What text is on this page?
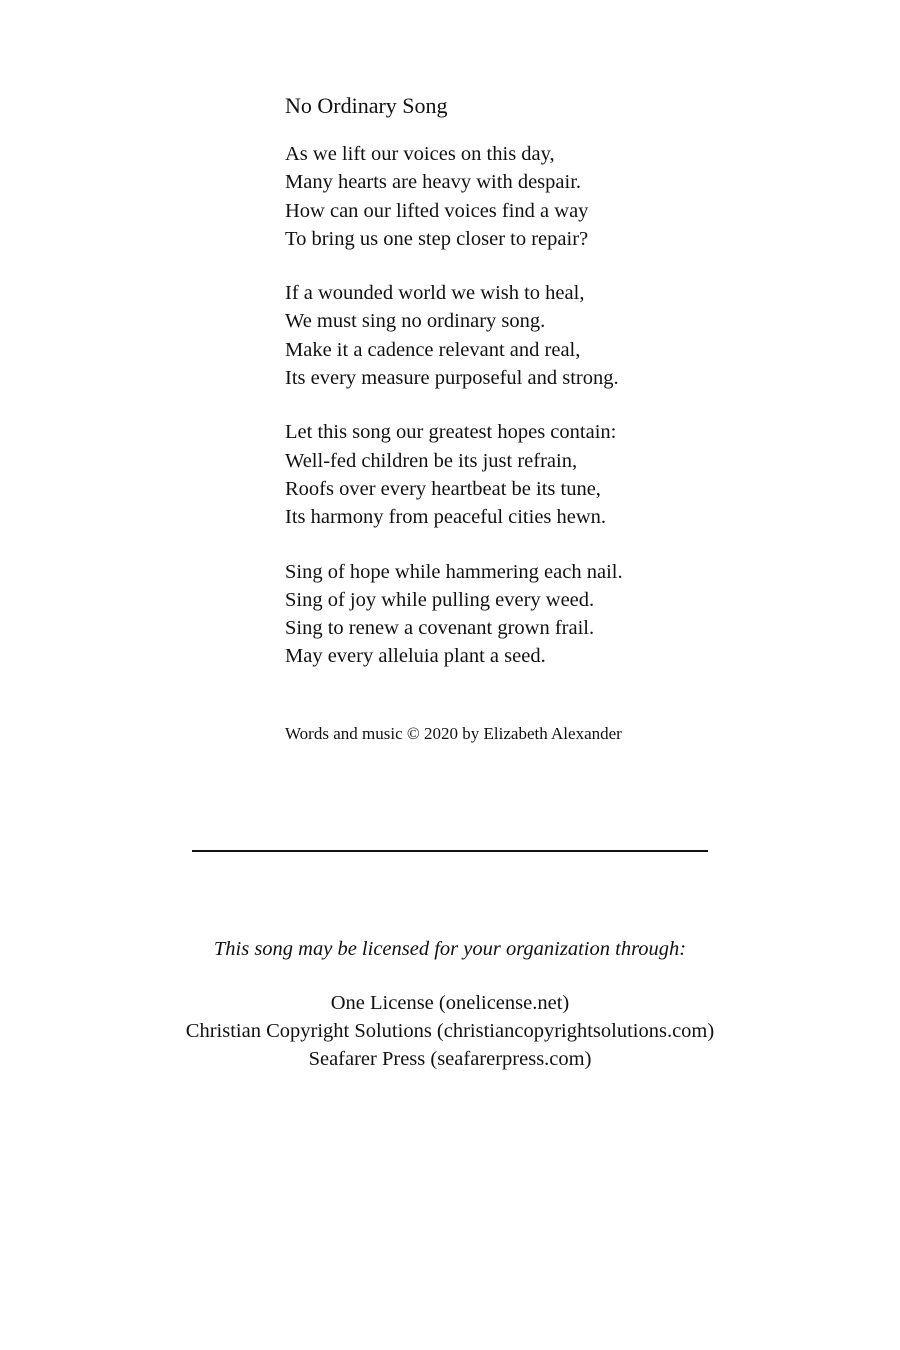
No Ordinary Song
As we lift our voices on this day,
Many hearts are heavy with despair.
How can our lifted voices find a way
To bring us one step closer to repair?
If a wounded world we wish to heal,
We must sing no ordinary song.
Make it a cadence relevant and real,
Its every measure purposeful and strong.
Let this song our greatest hopes contain:
Well-fed children be its just refrain,
Roofs over every heartbeat be its tune,
Its harmony from peaceful cities hewn.
Sing of hope while hammering each nail.
Sing of joy while pulling every weed.
Sing to renew a covenant grown frail.
May every alleluia plant a seed.
Words and music © 2020 by Elizabeth Alexander
This song may be licensed for your organization through:
One License (onelicense.net)
Christian Copyright Solutions (christiancopyrightsolutions.com)
Seafarer Press (seafarerpress.com)
